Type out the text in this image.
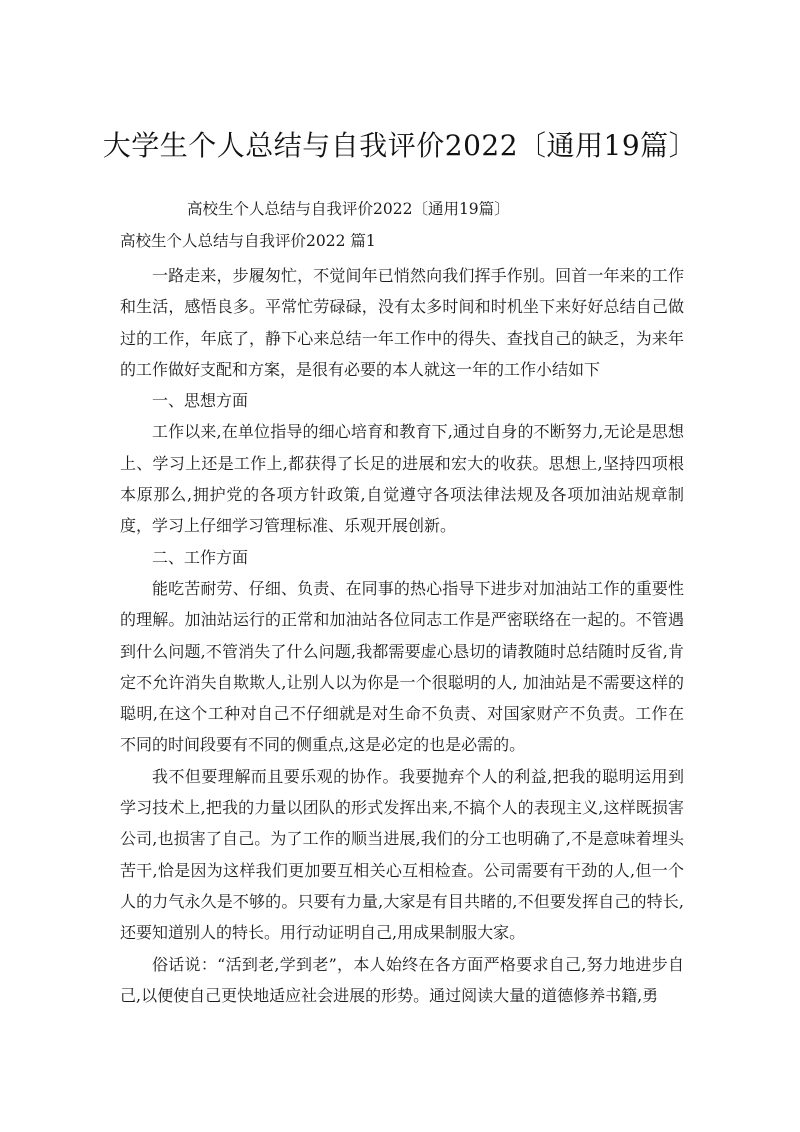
大学生个人总结与自我评价2022〔通用19篇〕
高校生个人总结与自我评价2022〔通用19篇〕
高校生个人总结与自我评价2022 篇1

一路走来，步履匆忙，不觉间年已悄然向我们挥手作别。回首一年来的工作和生活，感悟良多。平常忙劳碌碌，没有太多时间和时机坐下来好好总结自己做过的工作，年底了，静下心来总结一年工作中的得失、查找自己的缺乏，为来年的工作做好支配和方案，是很有必要的本人就这一年的工作小结如下

一、思想方面

工作以来,在单位指导的细心培育和教育下,通过自身的不断努力,无论是思想上、学习上还是工作上,都获得了长足的进展和宏大的收获。思想上,坚持四项根本原那么,拥护党的各项方针政策,自觉遵守各项法律法规及各项加油站规章制度，学习上仔细学习管理标准、乐观开展创新。

二、工作方面

能吃苦耐劳、仔细、负责、在同事的热心指导下进步对加油站工作的重要性的理解。加油站运行的正常和加油站各位同志工作是严密联络在一起的。不管遇到什么问题,不管消失了什么问题,我都需要虚心恳切的请教随时总结随时反省,肯定不允许消失自欺欺人,让别人以为你是一个很聪明的人, 加油站是不需要这样的聪明,在这个工种对自己不仔细就是对生命不负责、对国家财产不负责。工作在不同的时间段要有不同的侧重点,这是必定的也是必需的。

我不但要理解而且要乐观的协作。我要抛弃个人的利益,把我的聪明运用到学习技术上,把我的力量以团队的形式发挥出来,不搞个人的表现主义,这样既损害公司,也损害了自己。为了工作的顺当进展,我们的分工也明确了,不是意味着埋头苦干,恰是因为这样我们更加要互相关心互相检查。公司需要有干劲的人,但一个人的力气永久是不够的。只要有力量,大家是有目共睹的,不但要发挥自己的特长,还要知道别人的特长。用行动证明自己,用成果制服大家。

俗话说：“活到老,学到老”，本人始终在各方面严格要求自己,努力地进步自己,以便使自己更快地适应社会进展的形势。通过阅读大量的道德修养书籍,勇
